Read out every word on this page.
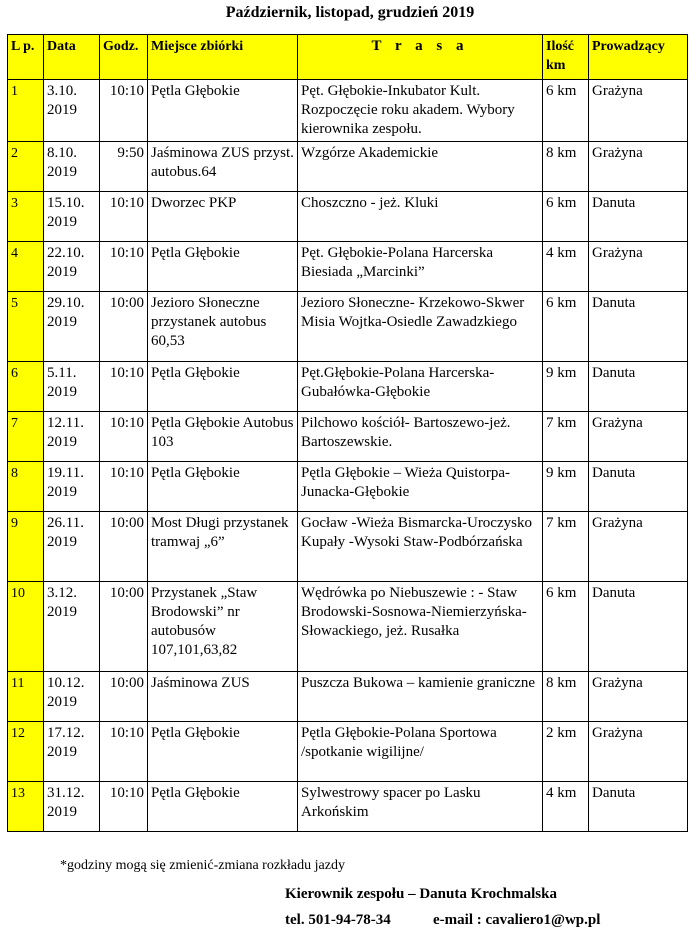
Październik, listopad, grudzień 2019
L p.	Data	Godz.	Miejsce zbiórki	T r a s a	Ilość km	Prowadzący
1	3.10. 2019	10:10	Pętla Głębokie	Pęt. Głębokie-Inkubator Kult. Rozpoczęcie roku akadem. Wybory kierownika zespołu.	6 km	Grażyna
2	8.10. 2019	9:50	Jaśminowa ZUS przyst. autobus.64	Wzgórze Akademickie	8 km	Grażyna
3	15.10. 2019	10:10	Dworzec PKP	Choszczno - jeż. Kluki	6 km	Danuta
4	22.10. 2019	10:10	Pętla Głębokie	Pęt. Głębokie-Polana Harcerska Biesiada „Marcinki”	4 km	Grażyna
5	29.10. 2019	10:00	Jezioro Słoneczne przystanek autobus 60,53	Jezioro Słoneczne- Krzekowo-Skwer Misia Wojtka-Osiedle Zawadzkiego	6 km	Danuta
6	5.11. 2019	10:10	Pętla Głębokie	Pęt.Głębokie-Polana Harcerska-Gubałówka-Głębokie	9 km	Danuta
7	12.11. 2019	10:10	Pętla Głębokie Autobus 103	Pilchowo kościół- Bartoszewo-jeż. Bartoszewskie.	7 km	Grażyna
8	19.11. 2019	10:10	Pętla Głębokie	Pętla Głębokie – Wieża Quistorpa-Junacka-Głębokie	9 km	Danuta
9	26.11. 2019	10:00	Most Długi przystanek tramwaj „6”	Gocław -Wieża Bismarcka-Uroczysko Kupały -Wysoki Staw-Podbórzańska	7 km	Grażyna
10	3.12. 2019	10:00	Przystanek „Staw Brodowski” nr autobusów 107,101,63,82	Wędrówka po Niebuszewie : - Staw Brodowski-Sosnowa-Niemierzyńska-Słowackiego, jeż. Rusałka	6 km	Danuta
11	10.12. 2019	10:00	Jaśminowa ZUS	Puszcza Bukowa – kamienie graniczne	8 km	Grażyna
12	17.12. 2019	10:10	Pętla Głębokie	Pętla Głębokie-Polana Sportowa /spotkanie wigilijne/	2 km	Grażyna
13	31.12. 2019	10:10	Pętla Głębokie	Sylwestrowy spacer po Lasku Arkońskim	4 km	Danuta
*godziny mogą się zmienić-zmiana rozkładu jazdy
Kierownik zespołu – Danuta Krochmalska
tel. 501-94-78-34	e-mail : cavaliero1@wp.pl
